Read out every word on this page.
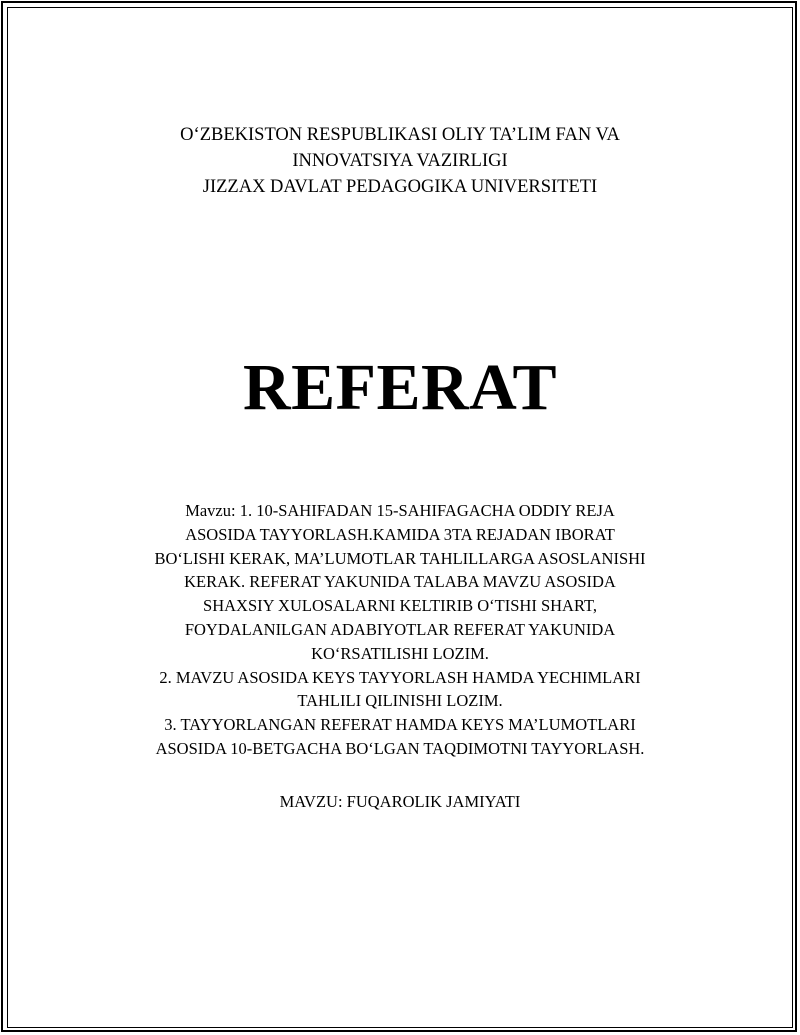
O‘ZBEKISTON RESPUBLIKASI OLIY TA’LIM FAN VA
INNOVATSIYA VAZIRLIGI
JIZZAX DAVLAT PEDAGOGIKA UNIVERSITETI
REFERAT
Mavzu: 1. 10-SAHIFADAN 15-SAHIFAGACHA ODDIY REJA
ASOSIDA TAYYORLASH.KAMIDA 3TA REJADAN IBORAT
BO‘LISHI KERAK, MA’LUMOTLAR TAHLILLARGA ASOSLANISHI
KERAK. REFERAT YAKUNIDA TALABA MAVZU ASOSIDA
SHAXSIY XULOSALARNI KELTIRIB O‘TISHI SHART,
FOYDALANILGAN ADABIYOTLAR REFERAT YAKUNIDA
KO‘RSATILISHI LOZIM.
2. MAVZU ASOSIDA KEYS TAYYORLASH HAMDA YECHIMLARI
TAHLILI QILINISHI LOZIM.
3. TAYYORLANGAN REFERAT HAMDA KEYS MA’LUMOTLARI
ASOSIDA 10-BETGACHA BO‘LGAN TAQDIMOTNI TAYYORLASH.
MAVZU: FUQAROLIK JAMIYATI
